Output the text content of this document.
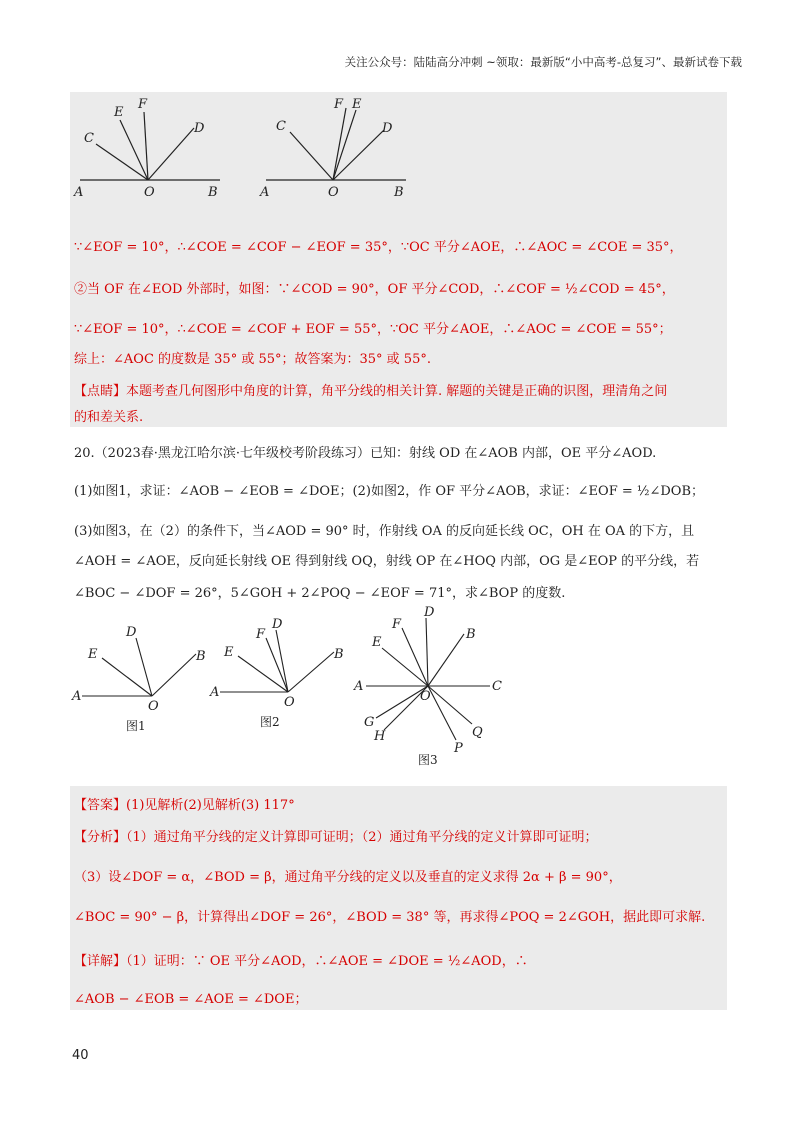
关注公众号：陆陆高分冲刺 ~领取：最新版“小中高考-总复习”、最新试卷下载
A	O	B
C
E
F
D
A	O	B
C
F E
D
∵∠EOF = 10°，∴∠COE = ∠COF − ∠EOF = 35°，∵OC 平分∠AOE，∴∠AOC = ∠COE = 35°，
②当 OF 在∠EOD 外部时，如图：∵∠COD = 90°，OF 平分∠COD，∴∠COF = ½∠COD = 45°，
∵∠EOF = 10°，∴∠COE = ∠COF + EOF = 55°，∵OC 平分∠AOE，∴∠AOC = ∠COE = 55°；
综上：∠AOC 的度数是 35° 或 55°；故答案为：35° 或 55°.
【点睛】本题考查几何图形中角度的计算，角平分线的相关计算. 解题的关键是正确的识图，理清角之间
的和差关系.
20.（2023春·黑龙江哈尔滨·七年级校考阶段练习）已知：射线 OD 在∠AOB 内部，OE 平分∠AOD.
(1)如图1，求证：∠AOB − ∠EOB = ∠DOE；(2)如图2，作 OF 平分∠AOB，求证：∠EOF = ½∠DOB；
(3)如图3，在（2）的条件下，当∠AOD = 90° 时，作射线 OA 的反向延长线 OC，OH 在 OA 的下方，且
∠AOH = ∠AOE，反向延长射线 OE 得到射线 OQ，射线 OP 在∠HOQ 内部，OG 是∠EOP 的平分线，若
∠BOC − ∠DOF = 26°，5∠GOH + 2∠POQ − ∠EOF = 71°，求∠BOP 的度数.
A
O
B
E
D
图1
A
O
B
E
F
D
图2
A	C
O
D
B
F
E
G
H
P
Q
图3
【答案】(1)见解析(2)见解析(3) 117°
【分析】（1）通过角平分线的定义计算即可证明；（2）通过角平分线的定义计算即可证明；
（3）设∠DOF = α，∠BOD = β，通过角平分线的定义以及垂直的定义求得 2α + β = 90°，
∠BOC = 90° − β，计算得出∠DOF = 26°，∠BOD = 38° 等，再求得∠POQ = 2∠GOH，据此即可求解.
【详解】（1）证明：∵ OE 平分∠AOD，∴∠AOE = ∠DOE = ½∠AOD，∴
∠AOB − ∠EOB = ∠AOE = ∠DOE；
40
